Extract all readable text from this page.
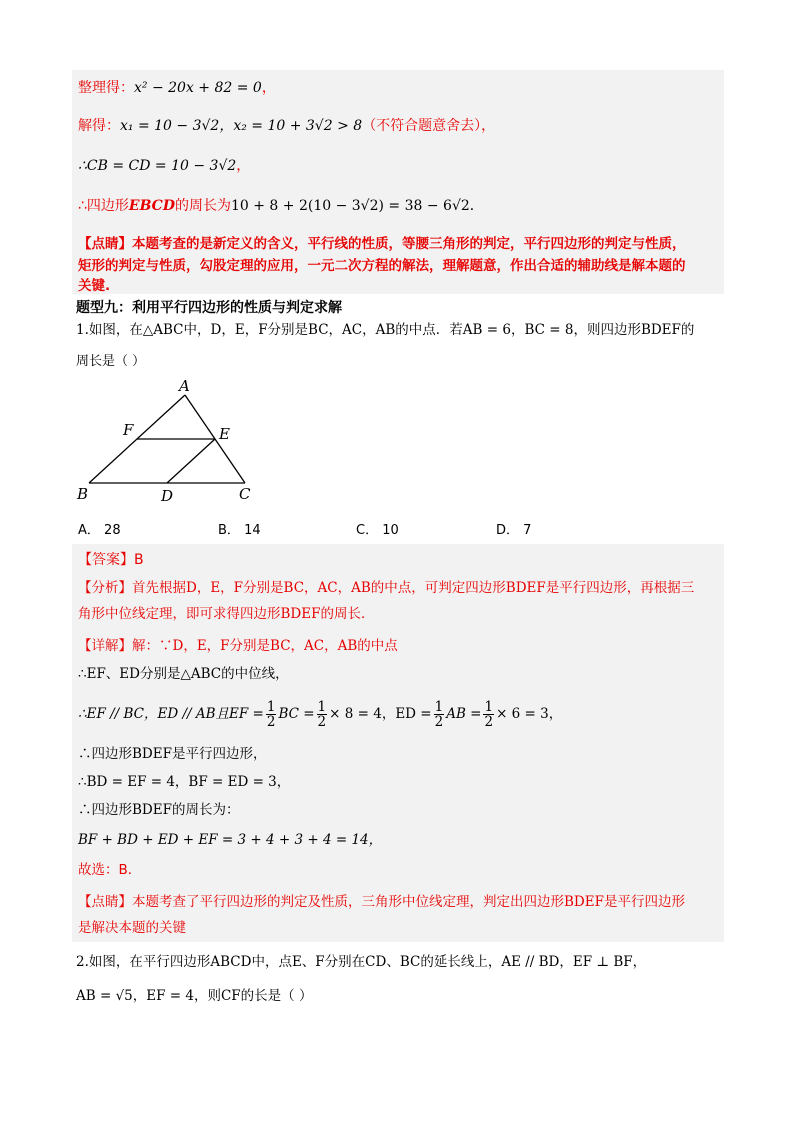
整理得：x² − 20x + 82 = 0，
解得：x₁ = 10 − 3√2，x₂ = 10 + 3√2 > 8（不符合题意舍去），
∴CB = CD = 10 − 3√2，
∴四边形EBCD的周长为10 + 8 + 2(10 − 3√2) = 38 − 6√2．
【点睛】本题考查的是新定义的含义，平行线的性质，等腰三角形的判定，平行四边形的判定与性质，
矩形的判定与性质，勾股定理的应用，一元二次方程的解法，理解题意，作出合适的辅助线是解本题的
关键.
题型九：利用平行四边形的性质与判定求解
1.如图，在△ABC中，D，E，F分别是BC，AC，AB的中点．若AB = 6，BC = 8，则四边形BDEF的
周长是（ ）
A
B	C
D
E
F
A． 28	B． 14	C． 10	D． 7
【答案】B
【分析】首先根据D，E，F分别是BC，AC，AB的中点，可判定四边形BDEF是平行四边形，再根据三
角形中位线定理，即可求得四边形BDEF的周长．
【详解】解：∵D，E，F分别是BC，AC，AB的中点
∴EF、ED分别是△ABC的中位线，
∴EF // BC，ED // AB且EF = $\frac{1}{2}$ BC = $\frac{1}{2} \times 8 = 4$，ED = $\frac{1}{2}$ AB = $\frac{1}{2} \times 6 = 3$，
∴四边形BDEF是平行四边形，
∴BD = EF = 4，BF = ED = 3，
∴四边形BDEF的周长为：
BF + BD + ED + EF = 3 + 4 + 3 + 4 = 14，
故选：B．
【点睛】本题考查了平行四边形的判定及性质，三角形中位线定理，判定出四边形BDEF是平行四边形
是解决本题的关键
2.如图，在平行四边形ABCD中，点E、F分别在CD、BC的延长线上，AE // BD，EF ⊥ BF，
AB = √5，EF = 4，则CF的长是（ ）
